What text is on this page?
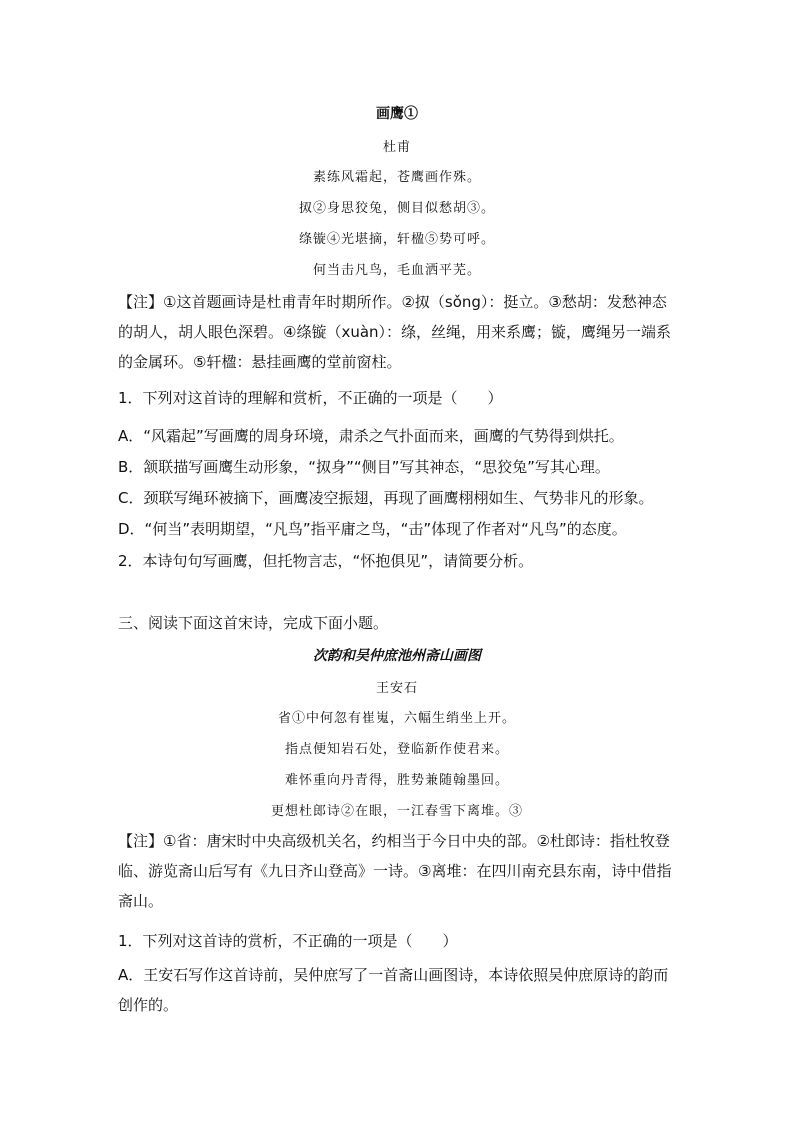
画鹰①
杜甫
素练风霜起，苍鹰画作殊。
㧐②身思狡兔，侧目似愁胡③。
绦镟④光堪摘，轩楹⑤势可呼。
何当击凡鸟，毛血洒平芜。
【注】①这首题画诗是杜甫青年时期所作。②㧐（sǒng）：挺立。③愁胡：发愁神态的胡人，胡人眼色深碧。④绦镟（xuàn）：绦，丝绳，用来系鹰；镟，鹰绳另一端系的金属环。⑤轩楹：悬挂画鹰的堂前窗柱。
1．下列对这首诗的理解和赏析，不正确的一项是（　　）
A．“风霜起”写画鹰的周身环境，肃杀之气扑面而来，画鹰的气势得到烘托。
B．颔联描写画鹰生动形象，“㧐身”“侧目”写其神态，“思狡兔”写其心理。
C．颈联写绳环被摘下，画鹰凌空振翅，再现了画鹰栩栩如生、气势非凡的形象。
D．“何当”表明期望，“凡鸟”指平庸之鸟，“击”体现了作者对“凡鸟”的态度。
2．本诗句句写画鹰，但托物言志，“怀抱俱见”，请简要分析。
三、阅读下面这首宋诗，完成下面小题。
次韵和吴仲庶池州斋山画图
王安石
省①中何忽有崔嵬，六幅生绡坐上开。
指点便知岩石处，登临新作使君来。
难怀重向丹青得，胜势兼随翰墨回。
更想杜郎诗②在眼，一江春雪下离堆。③
【注】①省：唐宋时中央高级机关名，约相当于今日中央的部。②杜郎诗：指杜牧登临、游览斋山后写有《九日齐山登高》一诗。③离堆：在四川南充县东南，诗中借指斋山。
1．下列对这首诗的赏析，不正确的一项是（　　）
A．王安石写作这首诗前，吴仲庶写了一首斋山画图诗，本诗依照吴仲庶原诗的韵而创作的。
